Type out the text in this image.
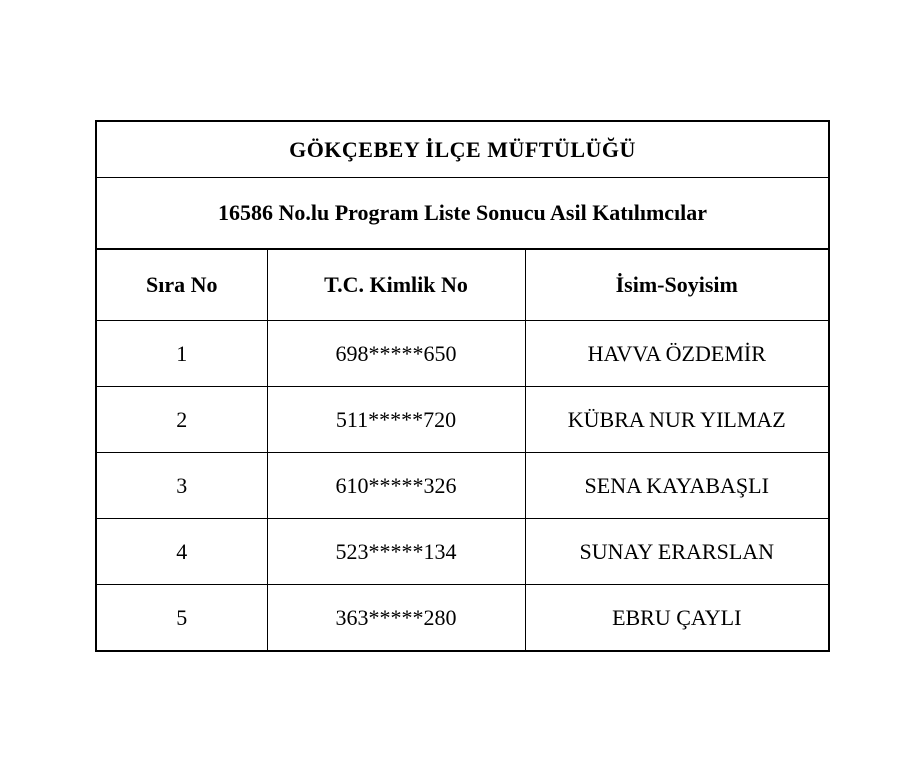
GÖKÇEBEY İLÇE MÜFTÜLÜĞÜ		
16586 No.lu Program Liste Sonucu Asil Katılımcılar		
Sıra No	T.C. Kimlik No	İsim-Soyisim
1	698*****650	HAVVA ÖZDEMİR
2	511*****720	KÜBRA NUR YILMAZ
3	610*****326	SENA KAYABAŞLI
4	523*****134	SUNAY ERARSLAN
5	363*****280	EBRU ÇAYLI
